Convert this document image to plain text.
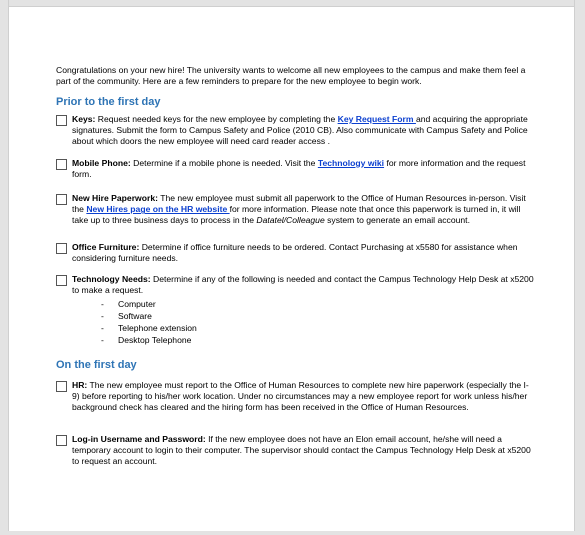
Congratulations on your new hire! The university wants to welcome all new employees to the campus and make them feel a part of the community. Here are a few reminders to prepare for the new employee to begin work.

Prior to the first day
Keys: Request needed keys for the new employee by completing the Key Request Form and acquiring the appropriate signatures. Submit the form to Campus Safety and Police (2010 CB). Also communicate with Campus Safety and Police about which doors the new employee will need card reader access .
Mobile Phone: Determine if a mobile phone is needed. Visit the Technology wiki for more information and the request form.
New Hire Paperwork: The new employee must submit all paperwork to the Office of Human Resources in-person. Visit the New Hires page on the HR website for more information. Please note that once this paperwork is turned in, it will take up to three business days to process in the Datatel/Colleague system to generate an email account.
Office Furniture: Determine if office furniture needs to be ordered. Contact Purchasing at x5580 for assistance when considering furniture needs.
Technology Needs: Determine if any of the following is needed and contact the Campus Technology Help Desk at x5200 to make a request.
- Computer
- Software
- Telephone extension
- Desktop Telephone
On the first day
HR: The new employee must report to the Office of Human Resources to complete new hire paperwork (especially the I-9) before reporting to his/her work location. Under no circumstances may a new employee report for work unless his/her background check has cleared and the hiring form has been received in the Office of Human Resources.
Log-in Username and Password: If the new employee does not have an Elon email account, he/she will need a temporary account to login to their computer. The supervisor should contact the Campus Technology Help Desk at x5200 to request an account.
